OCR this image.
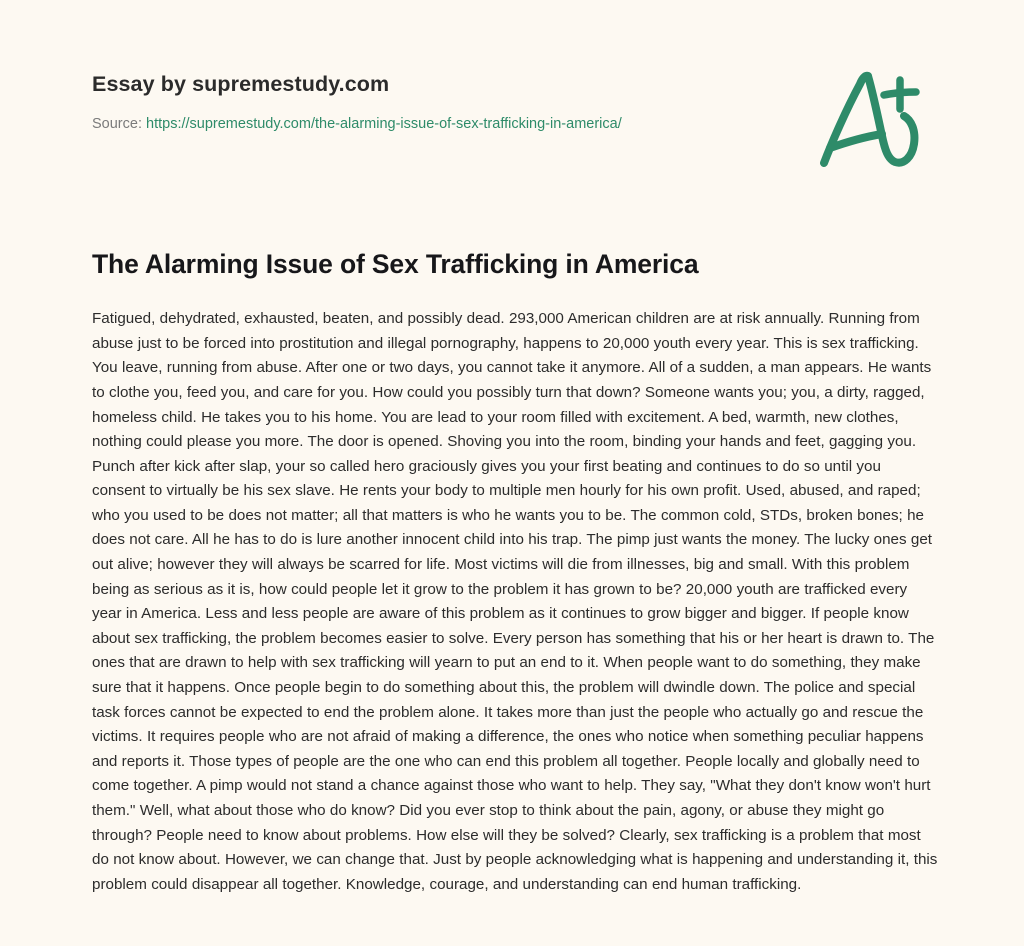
Essay by supremestudy.com
Source: https://supremestudy.com/the-alarming-issue-of-sex-trafficking-in-america/
The Alarming Issue of Sex Trafficking in America

Fatigued, dehydrated, exhausted, beaten, and possibly dead. 293,000 American children are at risk annually. Running from abuse just to be forced into prostitution and illegal pornography, happens to 20,000 youth every year. This is sex trafficking. You leave, running from abuse. After one or two days, you cannot take it anymore. All of a sudden, a man appears. He wants to clothe you, feed you, and care for you. How could you possibly turn that down? Someone wants you; you, a dirty, ragged, homeless child. He takes you to his home. You are lead to your room filled with excitement. A bed, warmth, new clothes, nothing could please you more. The door is opened. Shoving you into the room, binding your hands and feet, gagging you. Punch after kick after slap, your so called hero graciously gives you your first beating and continues to do so until you consent to virtually be his sex slave. He rents your body to multiple men hourly for his own profit. Used, abused, and raped; who you used to be does not matter; all that matters is who he wants you to be. The common cold, STDs, broken bones; he does not care. All he has to do is lure another innocent child into his trap. The pimp just wants the money. The lucky ones get out alive; however they will always be scarred for life. Most victims will die from illnesses, big and small. With this problem being as serious as it is, how could people let it grow to the problem it has grown to be? 20,000 youth are trafficked every year in America. Less and less people are aware of this problem as it continues to grow bigger and bigger. If people know about sex trafficking, the problem becomes easier to solve. Every person has something that his or her heart is drawn to. The ones that are drawn to help with sex trafficking will yearn to put an end to it. When people want to do something, they make sure that it happens. Once people begin to do something about this, the problem will dwindle down. The police and special task forces cannot be expected to end the problem alone. It takes more than just the people who actually go and rescue the victims. It requires people who are not afraid of making a difference, the ones who notice when something peculiar happens and reports it. Those types of people are the one who can end this problem all together. People locally and globally need to come together. A pimp would not stand a chance against those who want to help. They say, "What they don't know won't hurt them." Well, what about those who do know? Did you ever stop to think about the pain, agony, or abuse they might go through? People need to know about problems. How else will they be solved? Clearly, sex trafficking is a problem that most do not know about. However, we can change that. Just by people acknowledging what is happening and understanding it, this problem could disappear all together. Knowledge, courage, and understanding can end human trafficking.
